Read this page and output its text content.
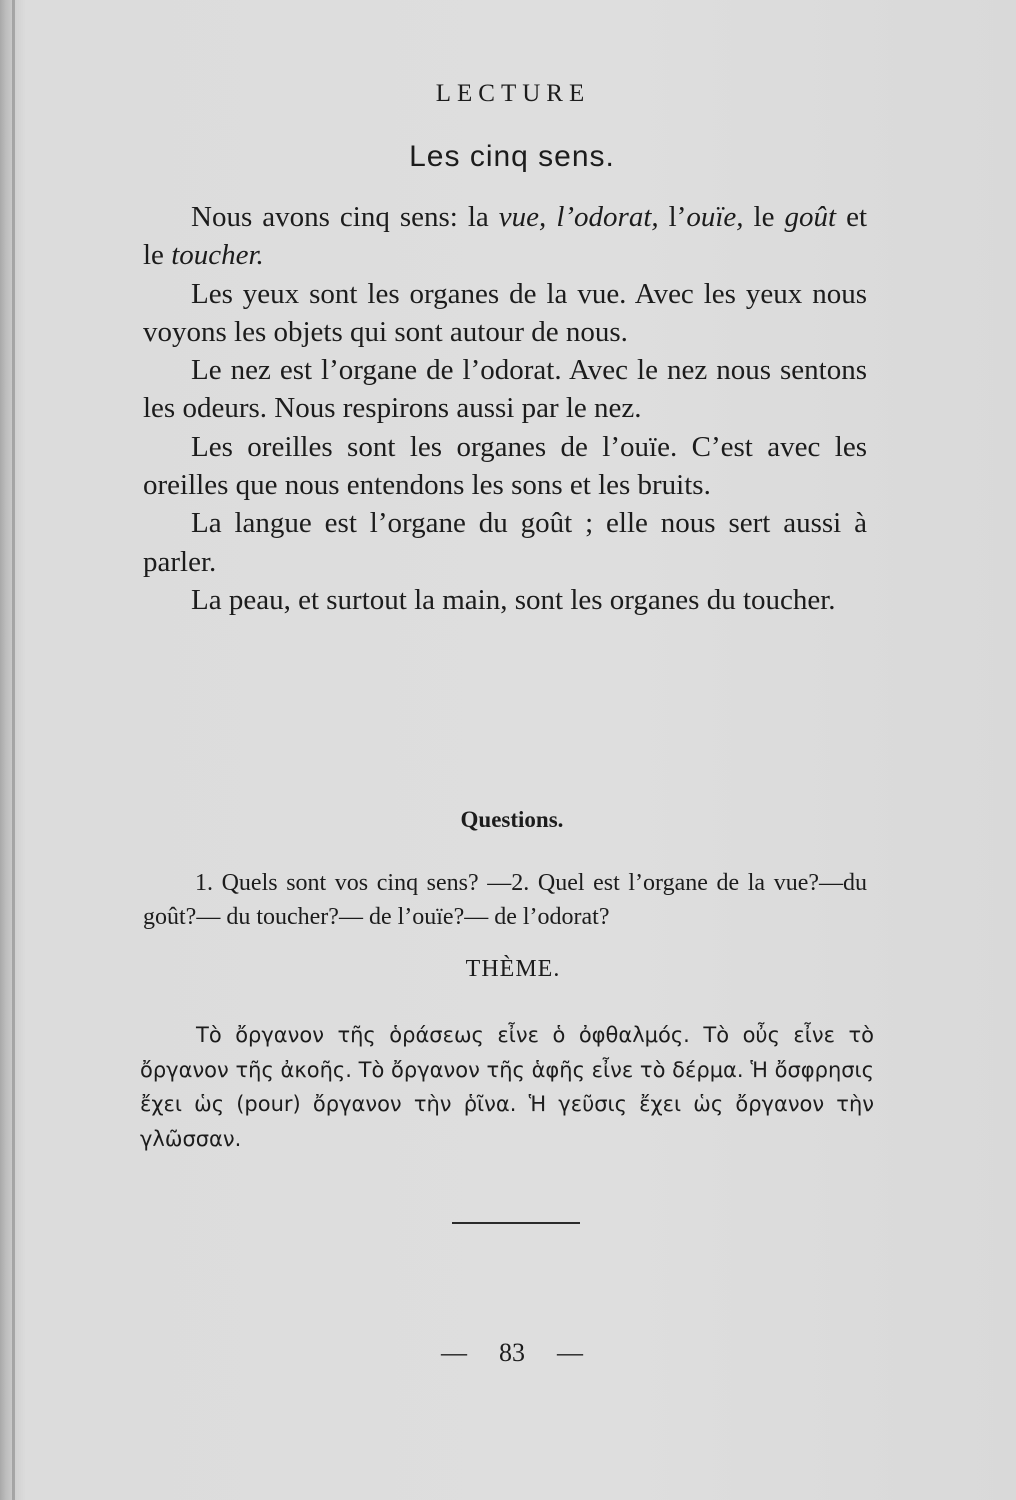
LECTURE
Les cinq sens.

Nous avons cinq sens: la vue, l’odorat, l’ouïe, le goût et le toucher.

Les yeux sont les organes de la vue. Avec les yeux nous voyons les objets qui sont autour de nous.

Le nez est l’organe de l’odorat. Avec le nez nous sentons les odeurs. Nous respirons aussi par le nez.

Les oreilles sont les organes de l’ouïe. C’est avec les oreilles que nous entendons les sons et les bruits.

La langue est l’organe du goût ; elle nous sert aussi à parler.

La peau, et surtout la main, sont les organes du toucher.

Questions.
1. Quels sont vos cinq sens? —2. Quel est l’organe de la vue?—du goût?— du toucher?— de l’ouïe?— de l’odorat?
THÈME.
Τὸ ὄργανον τῆς ὁράσεως εἶνε ὁ ὀφθαλμός. Τὸ οὖς εἶνε τὸ ὄργανον τῆς ἀκοῆς. Τὸ ὄργανον τῆς ἁφῆς εἶνε τὸ δέρμα. Ἡ ὄσφρησις ἔχει ὡς (pour) ὄργανον τὴν ῥῖνα. Ἡ γεῦσις ἔχει ὡς ὄργανον τὴν γλῶσσαν.
— 83 —
